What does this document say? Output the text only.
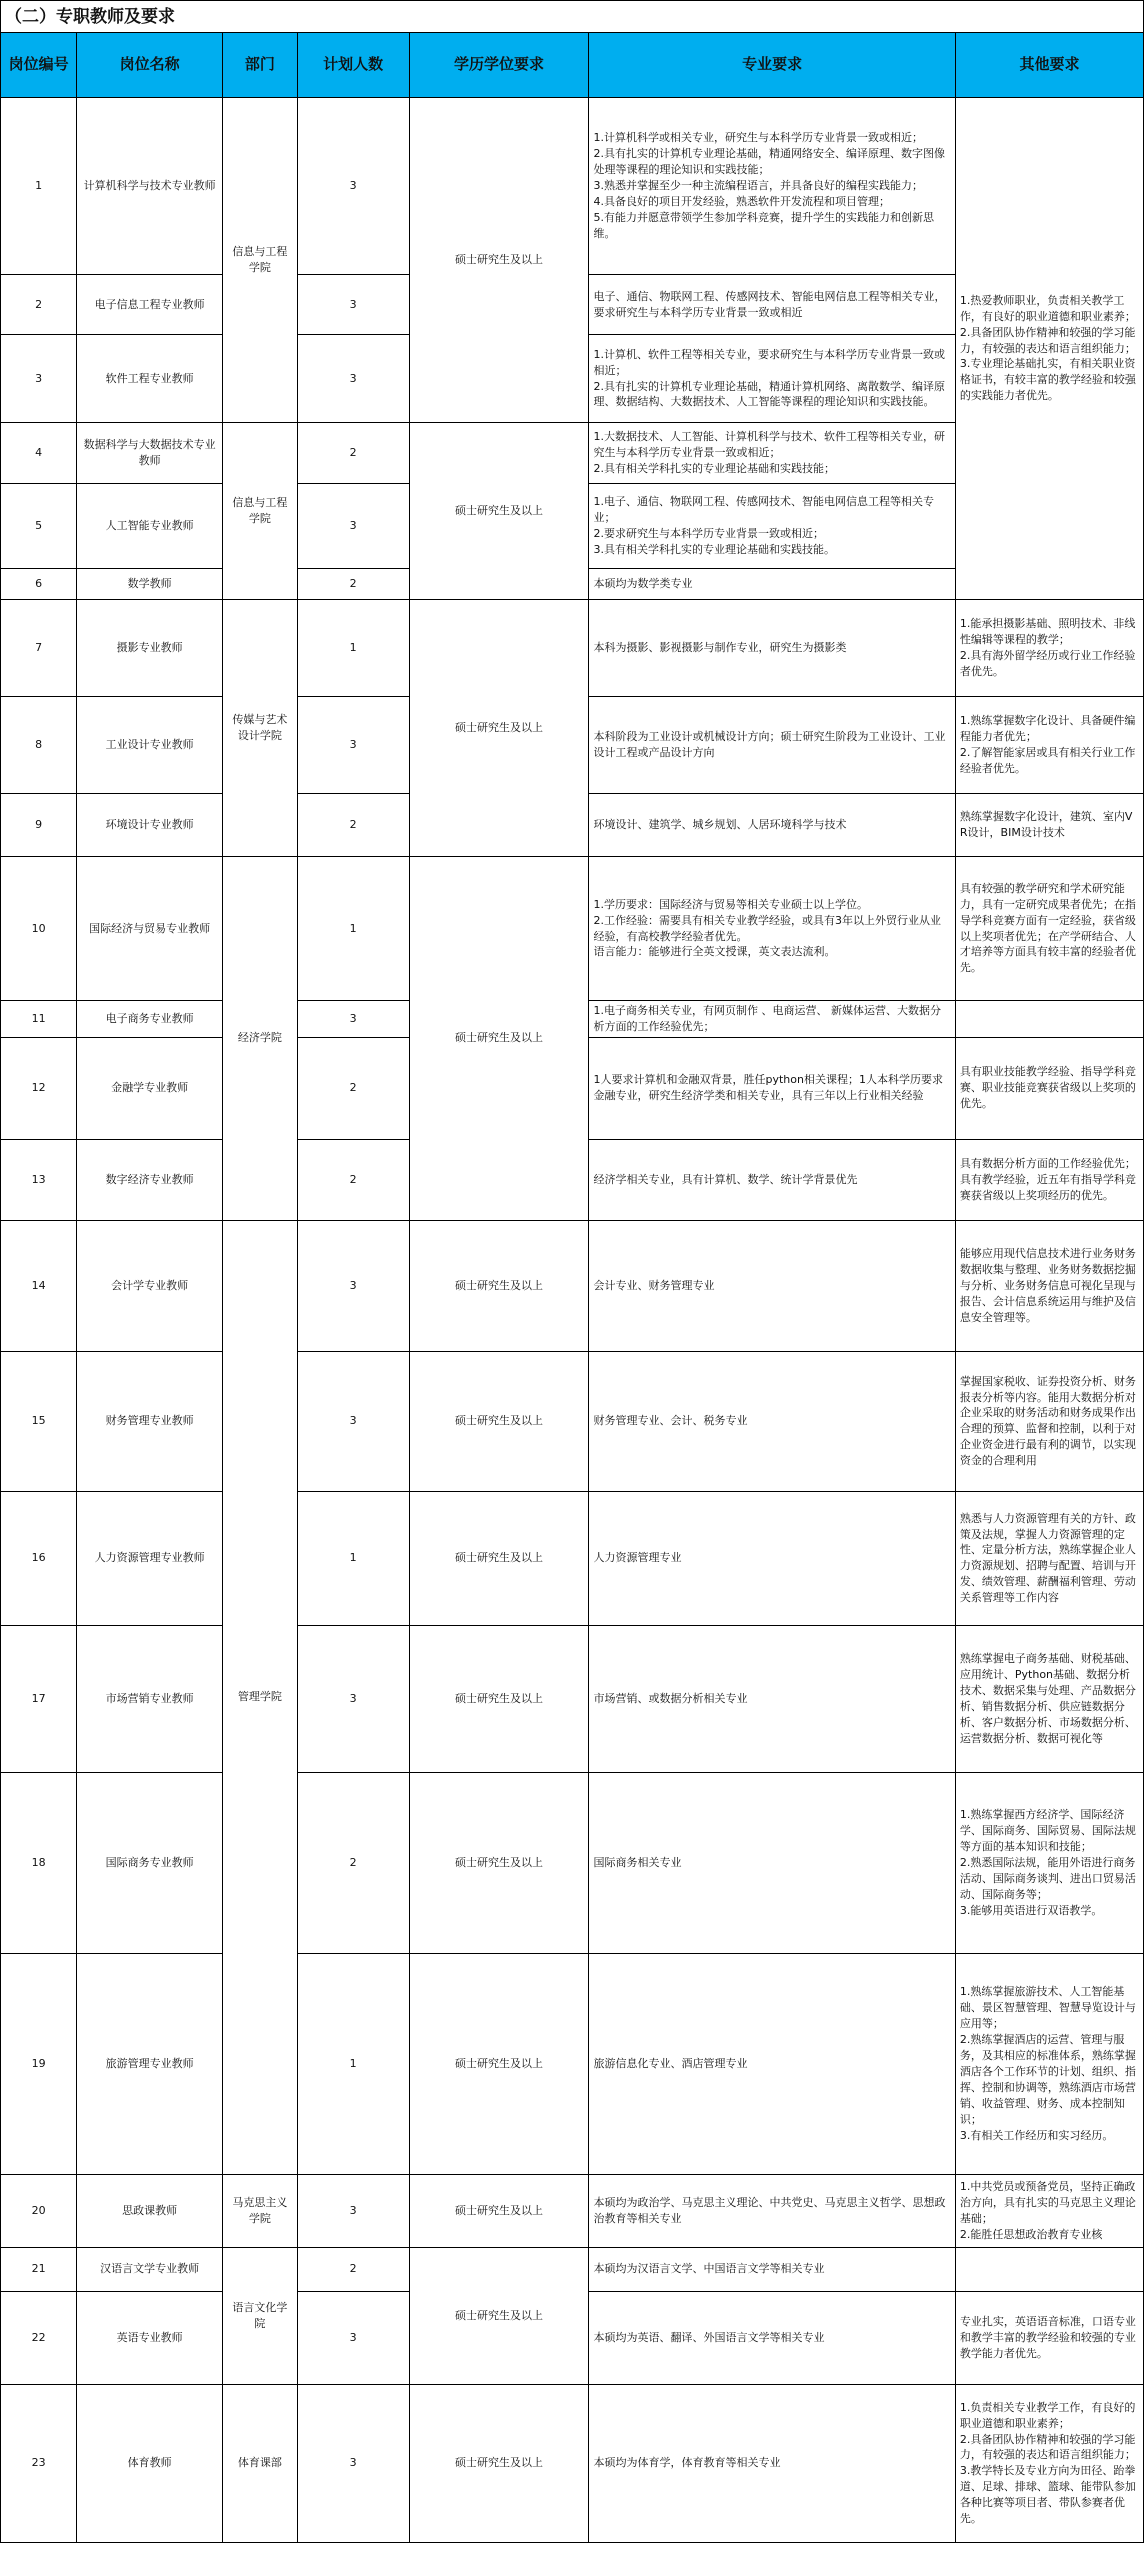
（二）专职教师及要求
岗位编号	岗位名称	部门	计划人数	学历学位要求	专业要求	其他要求
1	计算机科学与技术专业教师	信息与工程学院	3	硕士研究生及以上	1.计算机科学或相关专业，研究生与本科学历专业背景一致或相近；
2.具有扎实的计算机专业理论基础，精通网络安全、编译原理、数字图像处理等课程的理论知识和实践技能；
3.熟悉并掌握至少一种主流编程语言，并具备良好的编程实践能力；
4.具备良好的项目开发经验，熟悉软件开发流程和项目管理；
5.有能力并愿意带领学生参加学科竞赛，提升学生的实践能力和创新思维。	1.热爱教师职业，负责相关教学工作，有良好的职业道德和职业素养；
2.具备团队协作精神和较强的学习能力，有较强的表达和语言组织能力；
3.专业理论基础扎实，有相关职业资格证书，有较丰富的教学经验和较强的实践能力者优先。
2	电子信息工程专业教师		3		电子、通信、物联网工程、传感网技术、智能电网信息工程等相关专业，要求研究生与本科学历专业背景一致或相近	
3	软件工程专业教师		3		1.计算机、软件工程等相关专业，要求研究生与本科学历专业背景一致或相近；
2.具有扎实的计算机专业理论基础，精通计算机网络、离散数学、编译原理、数据结构、大数据技术、人工智能等课程的理论知识和实践技能。	
4	数据科学与大数据技术专业教师	信息与工程学院	2	硕士研究生及以上	1.大数据技术、人工智能、计算机科学与技术、软件工程等相关专业，研究生与本科学历专业背景一致或相近；
2.具有相关学科扎实的专业理论基础和实践技能；	
5	人工智能专业教师		3		1.电子、通信、物联网工程、传感网技术、智能电网信息工程等相关专业；
2.要求研究生与本科学历专业背景一致或相近；
3.具有相关学科扎实的专业理论基础和实践技能。	
6	数学教师		2		本硕均为数学类专业	
7	摄影专业教师	传媒与艺术设计学院	1	硕士研究生及以上	本科为摄影、影视摄影与制作专业，研究生为摄影类	1.能承担摄影基础、照明技术、非线性编辑等课程的教学；
2.具有海外留学经历或行业工作经验者优先。
8	工业设计专业教师		3		本科阶段为工业设计或机械设计方向；硕士研究生阶段为工业设计、工业设计工程或产品设计方向	1.熟练掌握数字化设计、具备硬件编程能力者优先；
2.了解智能家居或具有相关行业工作经验者优先。
9	环境设计专业教师		2		环境设计、建筑学、城乡规划、人居环境科学与技术	熟练掌握数字化设计，建筑、室内VR设计，BIM设计技术
10	国际经济与贸易专业教师	经济学院	1	硕士研究生及以上	1.学历要求：国际经济与贸易等相关专业硕士以上学位。
2.工作经验：需要具有相关专业教学经验，或具有3年以上外贸行业从业经验，有高校教学经验者优先。
语言能力：能够进行全英文授课，英文表达流利。	具有较强的教学研究和学术研究能力，具有一定研究成果者优先；在指导学科竞赛方面有一定经验，获省级以上奖项者优先；在产学研结合、人才培养等方面具有较丰富的经验者优先。
11	电子商务专业教师		3		1.电子商务相关专业，有网页制作 、电商运营、 新媒体运营、大数据分析方面的工作经验优先；	
12	金融学专业教师		2		1人要求计算机和金融双背景，胜任python相关课程；1人本科学历要求金融专业，研究生经济学类和相关专业，具有三年以上行业相关经验	具有职业技能教学经验、指导学科竞赛、职业技能竞赛获省级以上奖项的优先。
13	数字经济专业教师		2		经济学相关专业，具有计算机、数学、统计学背景优先	具有数据分析方面的工作经验优先；具有教学经验，近五年有指导学科竞赛获省级以上奖项经历的优先。
14	会计学专业教师	管理学院	3	硕士研究生及以上	会计专业、财务管理专业	能够应用现代信息技术进行业务财务数据收集与整理、业务财务数据挖掘与分析、业务财务信息可视化呈现与报告、会计信息系统运用与维护及信息安全管理等。
15	财务管理专业教师		3	硕士研究生及以上	财务管理专业、会计、税务专业	掌握国家税收、证券投资分析、财务报表分析等内容。能用大数据分析对企业采取的财务活动和财务成果作出合理的预算、监督和控制，以利于对企业资金进行最有利的调节，以实现资金的合理利用
16	人力资源管理专业教师		1	硕士研究生及以上	人力资源管理专业	熟悉与人力资源管理有关的方针、政策及法规，掌握人力资源管理的定性、定量分析方法，熟练掌握企业人力资源规划、招聘与配置、培训与开发、绩效管理、薪酬福利管理、劳动关系管理等工作内容
17	市场营销专业教师		3	硕士研究生及以上	市场营销、或数据分析相关专业	熟练掌握电子商务基础、财税基础、应用统计、Python基础、数据分析技术、数据采集与处理、产品数据分析、销售数据分析、供应链数据分析、客户数据分析、市场数据分析、运营数据分析、数据可视化等
18	国际商务专业教师		2	硕士研究生及以上	国际商务相关专业	1.熟练掌握西方经济学、国际经济学、国际商务、国际贸易、国际法规等方面的基本知识和技能；
2.熟悉国际法规，能用外语进行商务活动、国际商务谈判、进出口贸易活动、国际商务等；
3.能够用英语进行双语教学。
19	旅游管理专业教师		1	硕士研究生及以上	旅游信息化专业、酒店管理专业	1.熟练掌握旅游技术、人工智能基础、景区智慧管理、智慧导览设计与应用等；
2.熟练掌握酒店的运营、管理与服务，及其相应的标准体系，熟练掌握酒店各个工作环节的计划、组织、指挥、控制和协调等，熟练酒店市场营销、收益管理、财务、成本控制知识；
3.有相关工作经历和实习经历。
20	思政课教师	马克思主义学院	3	硕士研究生及以上	本硕均为政治学、马克思主义理论、中共党史、马克思主义哲学、思想政治教育等相关专业	1.中共党员或预备党员，坚持正确政治方向，具有扎实的马克思主义理论基础；
2.能胜任思想政治教育专业核
21	汉语言文学专业教师	语言文化学院	2	硕士研究生及以上	本硕均为汉语言文学、中国语言文学等相关专业	
22	英语专业教师		3		本硕均为英语、翻译、外国语言文学等相关专业	专业扎实，英语语音标准，口语专业和教学丰富的教学经验和较强的专业教学能力者优先。
23	体育教师	体育课部	3	硕士研究生及以上	本硕均为体育学，体育教育等相关专业	1.负责相关专业教学工作，有良好的职业道德和职业素养；
2.具备团队协作精神和较强的学习能力，有较强的表达和语言组织能力；
3.教学特长及专业方向为田径、跆拳道、足球、排球、篮球、能带队参加各种比赛等项目者、带队参赛者优先。
